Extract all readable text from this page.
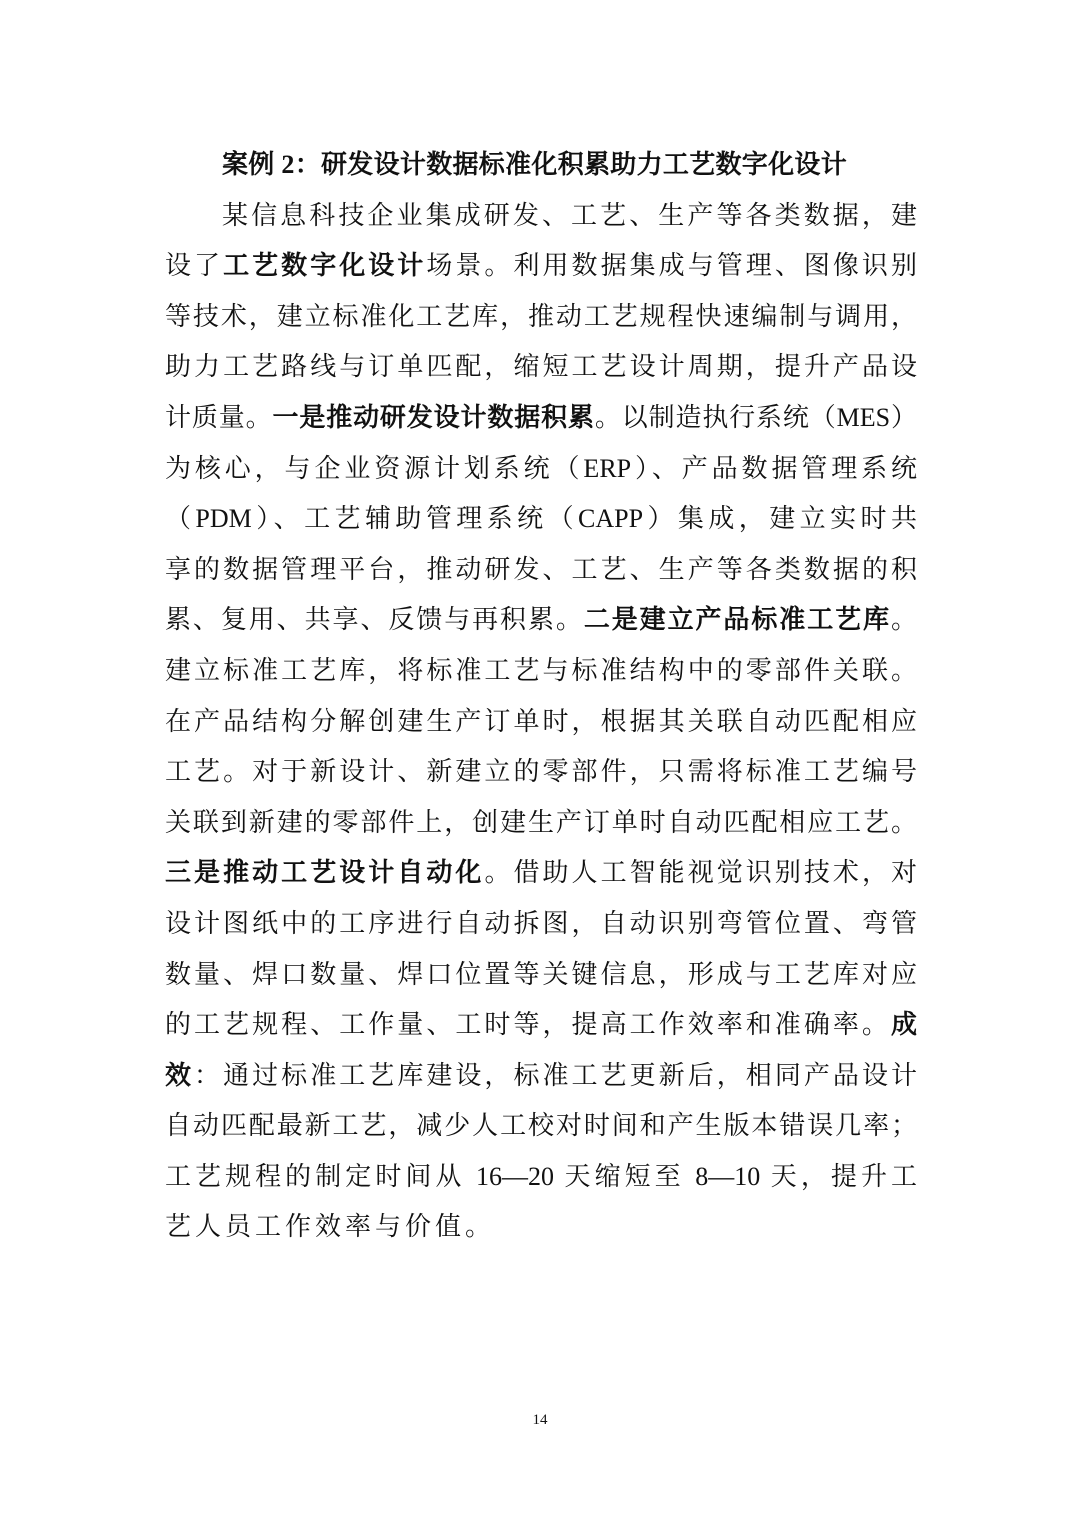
案例 2：研发设计数据标准化积累助力工艺数字化设计
某信息科技企业集成研发、工艺、生产等各类数据，建
设了工艺数字化设计场景。利用数据集成与管理、图像识别
等技术，建立标准化工艺库，推动工艺规程快速编制与调用，
助力工艺路线与订单匹配，缩短工艺设计周期，提升产品设
计质量。一是推动研发设计数据积累。以制造执行系统（MES）
为核心，与企业资源计划系统（ERP）、产品数据管理系统
（PDM）、工艺辅助管理系统（CAPP）集成，建立实时共
享的数据管理平台，推动研发、工艺、生产等各类数据的积
累、复用、共享、反馈与再积累。二是建立产品标准工艺库。
建立标准工艺库，将标准工艺与标准结构中的零部件关联。
在产品结构分解创建生产订单时，根据其关联自动匹配相应
工艺。对于新设计、新建立的零部件，只需将标准工艺编号
关联到新建的零部件上，创建生产订单时自动匹配相应工艺。
三是推动工艺设计自动化。借助人工智能视觉识别技术，对
设计图纸中的工序进行自动拆图，自动识别弯管位置、弯管
数量、焊口数量、焊口位置等关键信息，形成与工艺库对应
的工艺规程、工作量、工时等，提高工作效率和准确率。成
效：通过标准工艺库建设，标准工艺更新后，相同产品设计
自动匹配最新工艺，减少人工校对时间和产生版本错误几率；
工艺规程的制定时间从 16—20 天缩短至 8—10 天，提升工
艺人员工作效率与价值。
14
